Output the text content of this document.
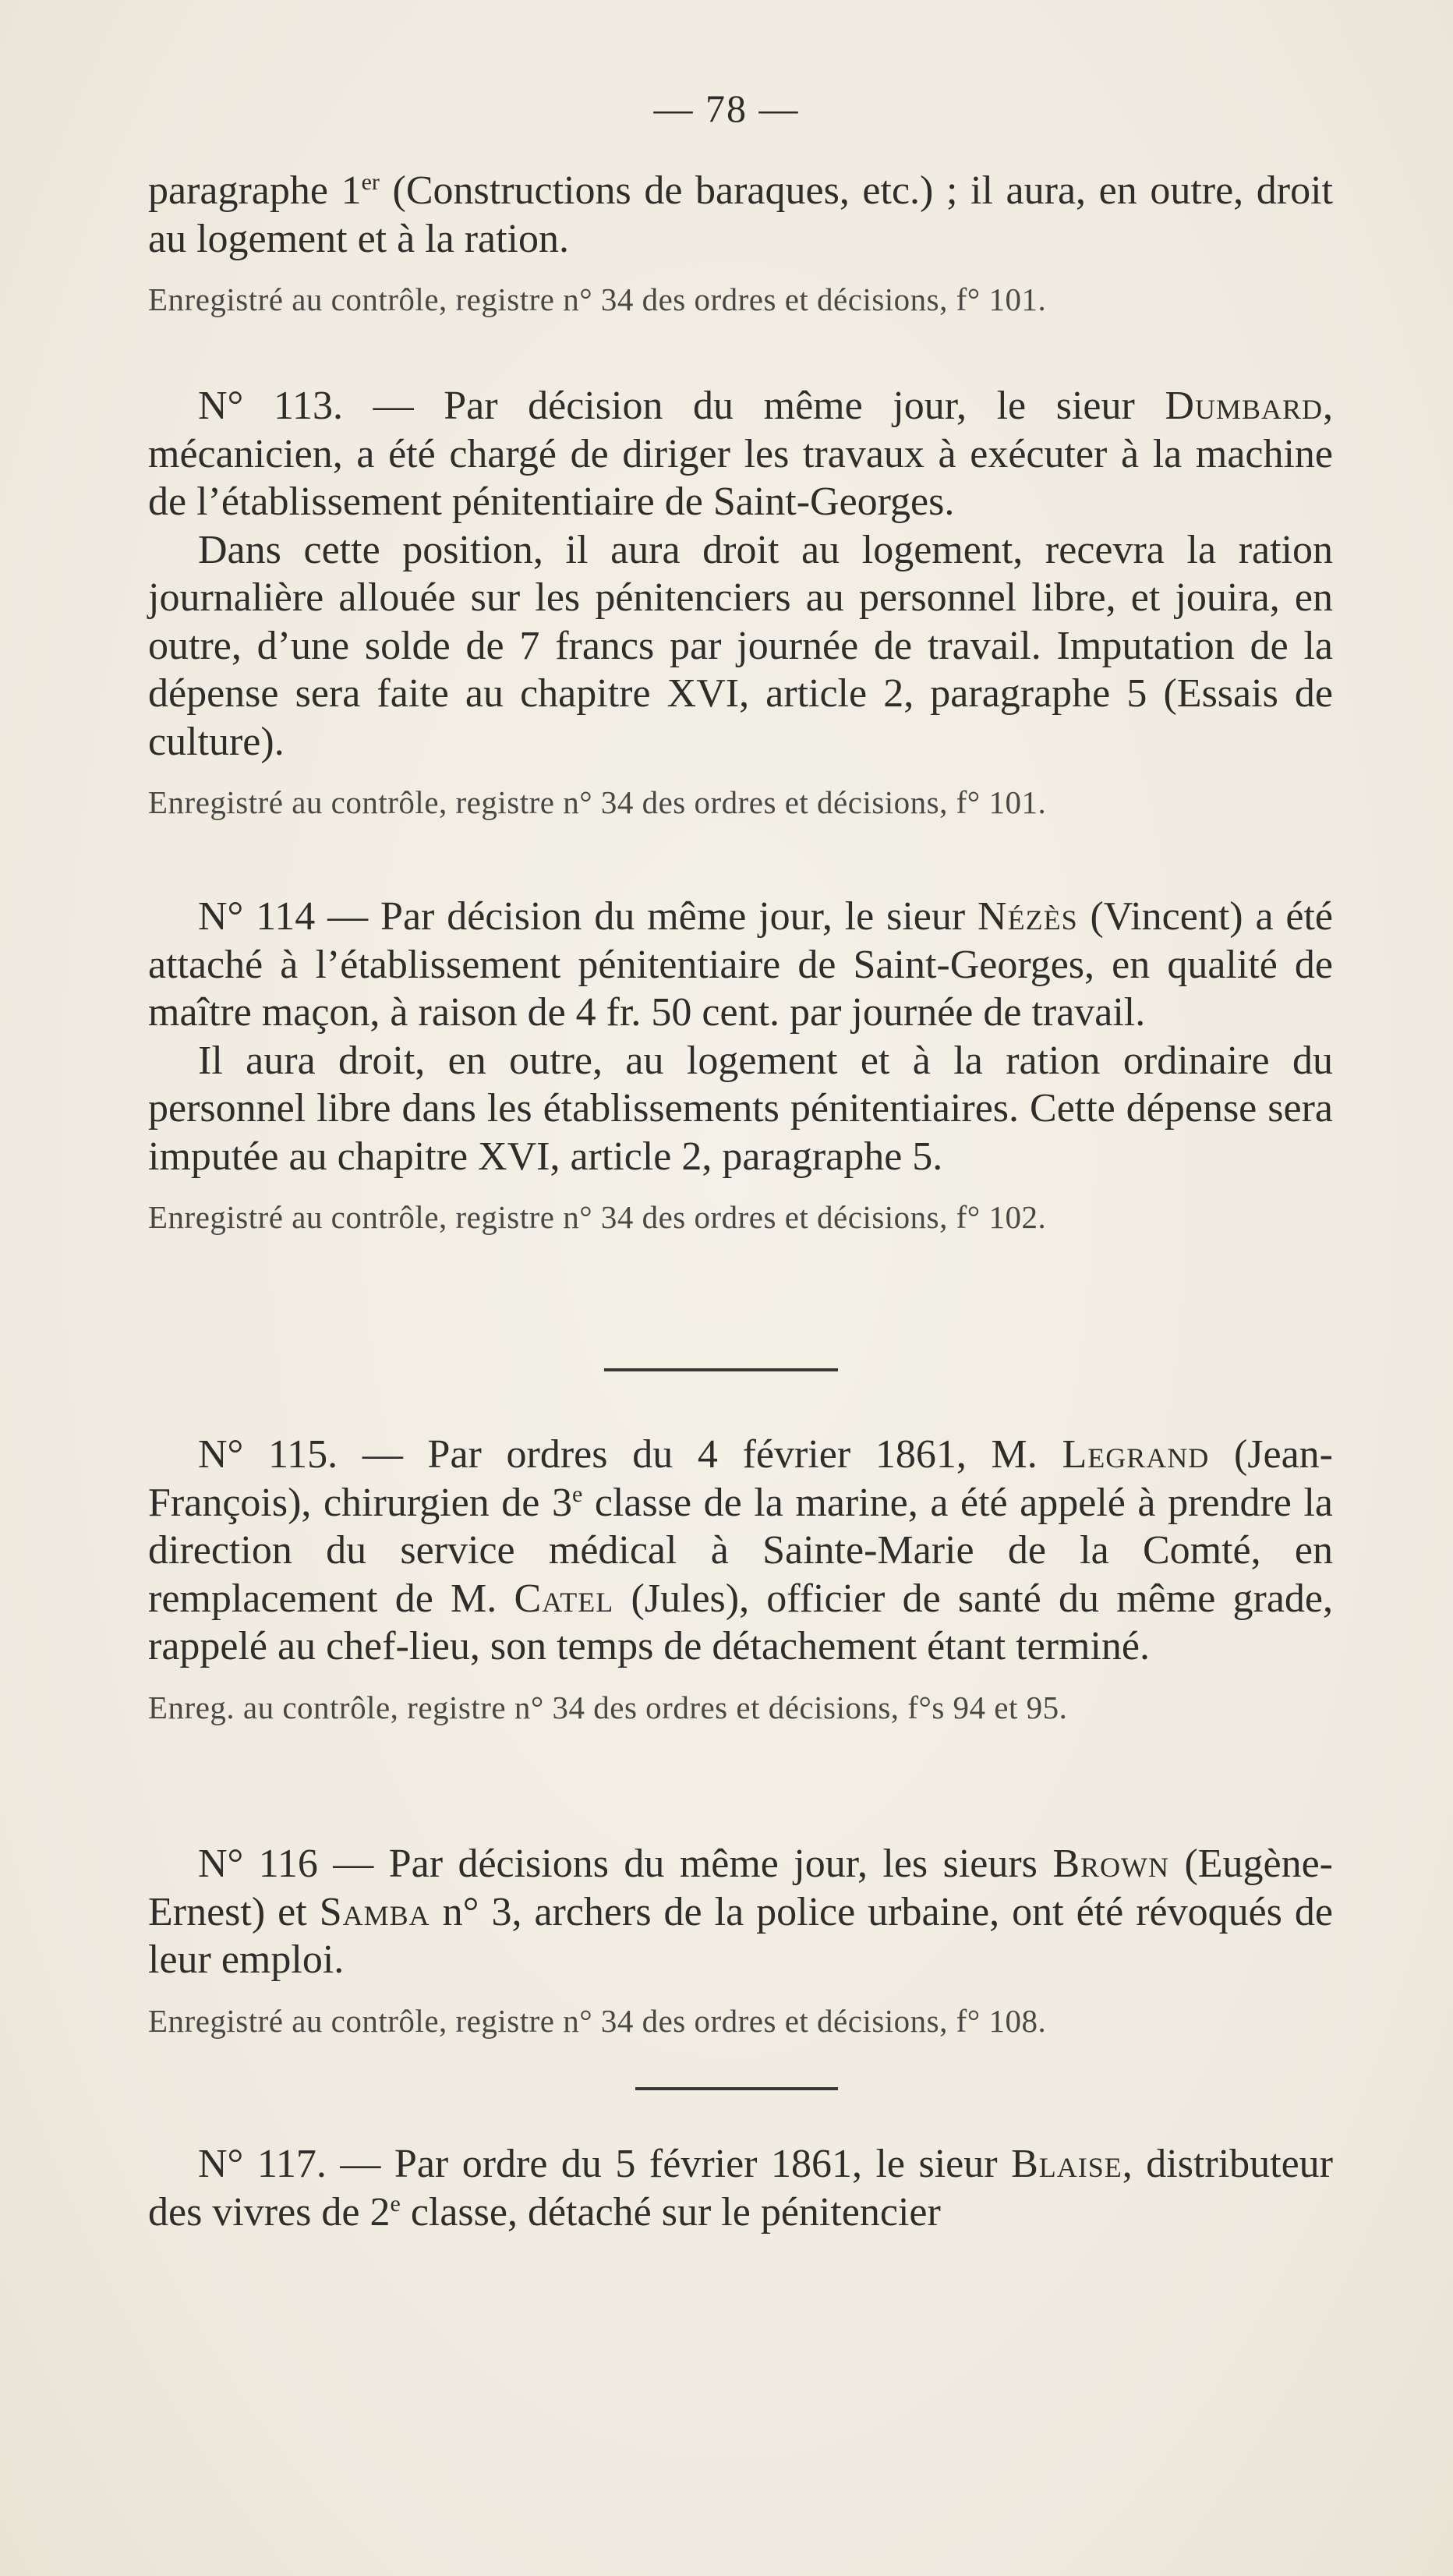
— 78 —

paragraphe 1er (Constructions de baraques, etc.) ; il aura, en outre, droit au logement et à la ration.

Enregistré au contrôle, registre n° 34 des ordres et décisions, f° 101.

N° 113. — Par décision du même jour, le sieur Dumbard, mécanicien, a été chargé de diriger les travaux à exécuter à la machine de l’établissement pénitentiaire de Saint-Georges.

Dans cette position, il aura droit au logement, recevra la ration journalière allouée sur les pénitenciers au personnel libre, et jouira, en outre, d’une solde de 7 francs par journée de travail. Imputation de la dépense sera faite au chapitre XVI, article 2, paragraphe 5 (Essais de culture).

Enregistré au contrôle, registre n° 34 des ordres et décisions, f° 101.

N° 114 — Par décision du même jour, le sieur Nézès (Vincent) a été attaché à l’établissement pénitentiaire de Saint-Georges, en qualité de maître maçon, à raison de 4 fr. 50 cent. par journée de travail.

Il aura droit, en outre, au logement et à la ration ordinaire du personnel libre dans les établissements pénitentiaires. Cette dépense sera imputée au chapitre XVI, article 2, paragraphe 5.

Enregistré au contrôle, registre n° 34 des ordres et décisions, f° 102.

N° 115. — Par ordres du 4 février 1861, M. Legrand (Jean-François), chirurgien de 3e classe de la marine, a été appelé à prendre la direction du service médical à Sainte-Marie de la Comté, en remplacement de M. Catel (Jules), officier de santé du même grade, rappelé au chef-lieu, son temps de détachement étant terminé.

Enreg. au contrôle, registre n° 34 des ordres et décisions, f°s 94 et 95.

N° 116 — Par décisions du même jour, les sieurs Brown (Eugène-Ernest) et Samba n° 3, archers de la police urbaine, ont été révoqués de leur emploi.

Enregistré au contrôle, registre n° 34 des ordres et décisions, f° 108.

N° 117. — Par ordre du 5 février 1861, le sieur Blaise, distributeur des vivres de 2e classe, détaché sur le pénitencier
